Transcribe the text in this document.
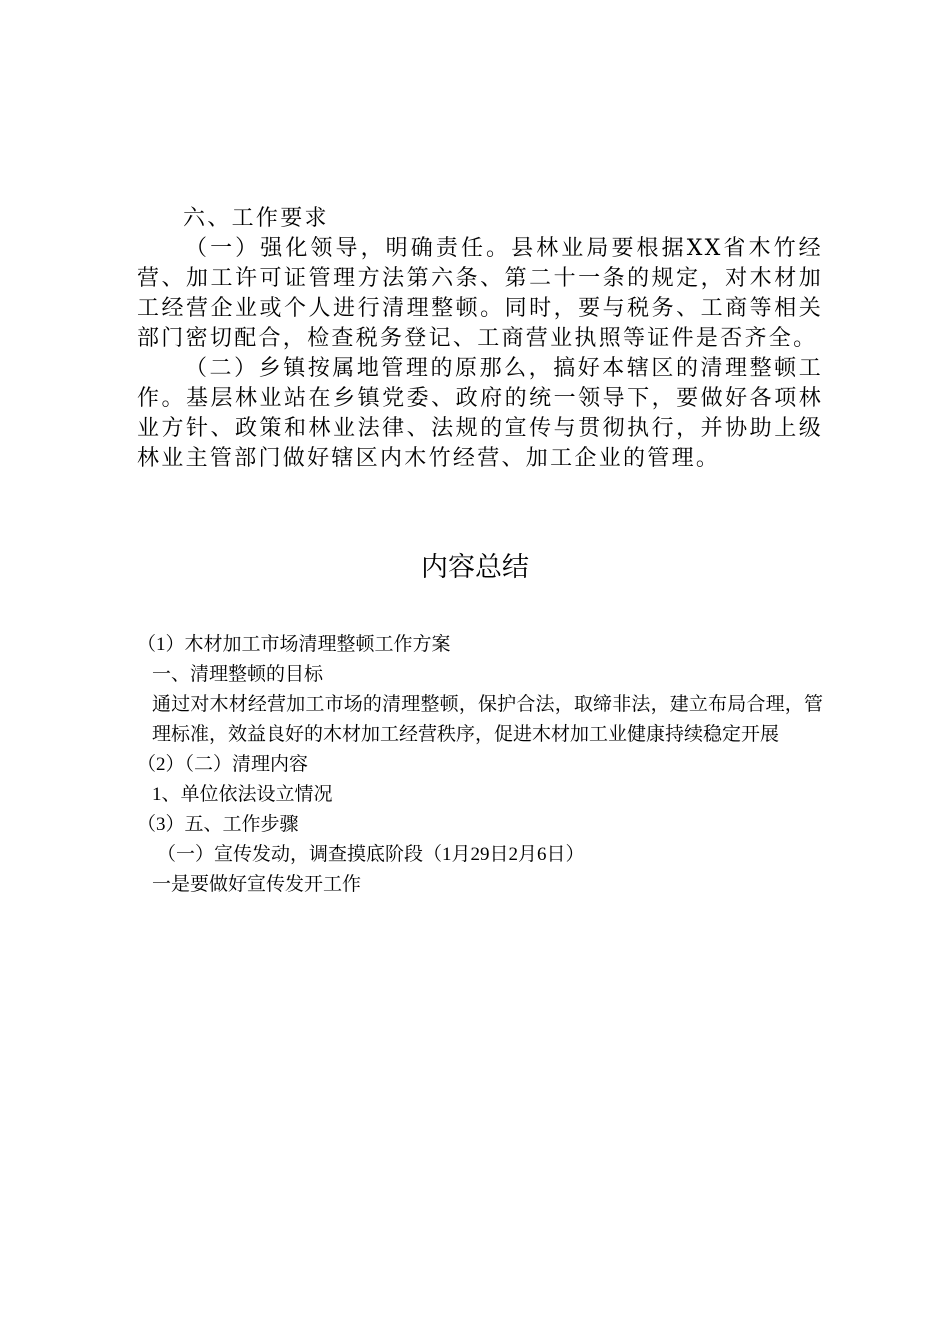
六、工作要求

（一）强化领导，明确责任。县林业局要根据XX省木竹经营、加工许可证管理方法第六条、第二十一条的规定，对木材加工经营企业或个人进行清理整顿。同时，要与税务、工商等相关部门密切配合，检查税务登记、工商营业执照等证件是否齐全。

（二）乡镇按属地管理的原那么，搞好本辖区的清理整顿工作。基层林业站在乡镇党委、政府的统一领导下，要做好各项林业方针、政策和林业法律、法规的宣传与贯彻执行，并协助上级林业主管部门做好辖区内木竹经营、加工企业的管理。

内容总结

（1）木材加工市场清理整顿工作方案

一、清理整顿的目标

通过对木材经营加工市场的清理整顿，保护合法，取缔非法，建立布局合理，管理标准，效益良好的木材加工经营秩序，促进木材加工业健康持续稳定开展

（2）（二）清理内容

1、单位依法设立情况

（3）五、工作步骤

（一）宣传发动，调查摸底阶段（1月29日2月6日）

一是要做好宣传发开工作
